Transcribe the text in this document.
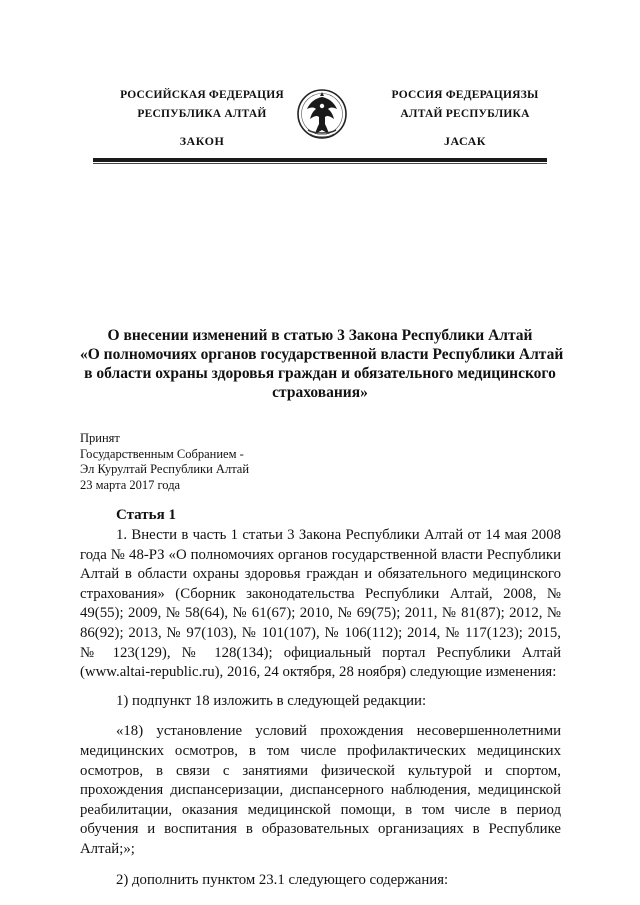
РОССИЙСКАЯ ФЕДЕРАЦИЯ
РЕСПУБЛИКА АЛТАЙ
ЗАКОН
РОССИЯ ФЕДЕРАЦИЯЗЫ
АЛТАЙ РЕСПУБЛИКА
JАСАК
О внесении изменений в статью 3 Закона Республики Алтай
«О полномочиях органов государственной власти Республики Алтай
в области охраны здоровья граждан и обязательного медицинского
страхования»
Принят
Государственным Собранием -
Эл Курултай Республики Алтай
23 марта 2017 года
Статья 1

1. Внести в часть 1 статьи 3 Закона Республики Алтай от 14 мая 2008 года № 48-РЗ «О полномочиях органов государственной власти Республики Алтай в области охраны здоровья граждан и обязательного медицинского страхования» (Сборник законодательства Республики Алтай, 2008, № 49(55); 2009, № 58(64), № 61(67); 2010, № 69(75); 2011, № 81(87); 2012, № 86(92); 2013, № 97(103), № 101(107), № 106(112); 2014, № 117(123); 2015, № 123(129), № 128(134); официальный портал Республики Алтай (www.altai-republic.ru), 2016, 24 октября, 28 ноября) следующие изменения:

1) подпункт 18 изложить в следующей редакции:

«18) установление условий прохождения несовершеннолетними медицинских осмотров, в том числе профилактических медицинских осмотров, в связи с занятиями физической культурой и спортом, прохождения диспансеризации, диспансерного наблюдения, медицинской реабилитации, оказания медицинской помощи, в том числе в период обучения и воспитания в образовательных организациях в Республике Алтай;»;

2) дополнить пунктом 23.1 следующего содержания:
